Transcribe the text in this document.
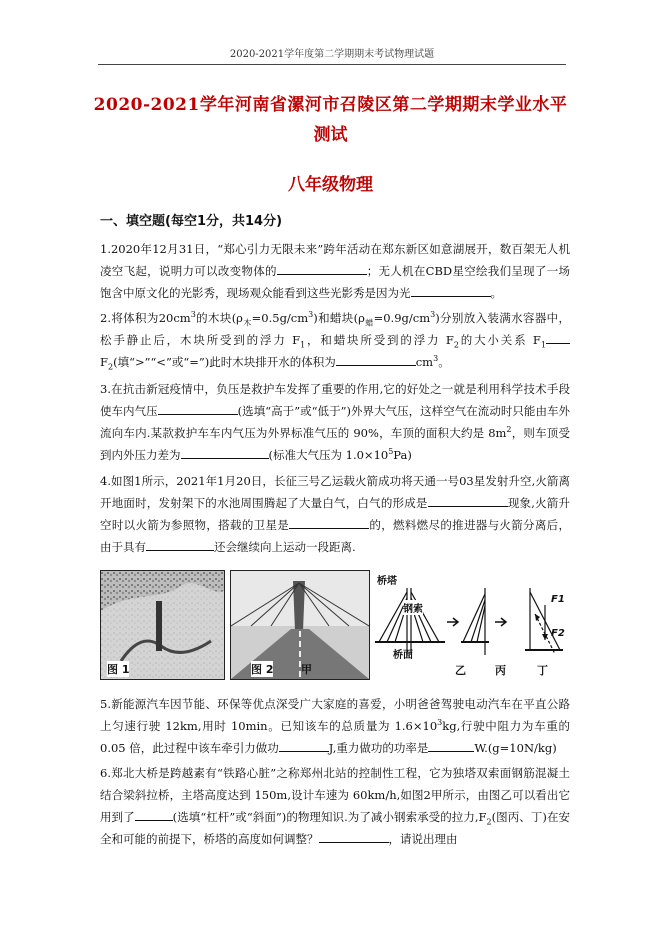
2020-2021学年度第二学期期末考试物理试题
2020-2021学年河南省漯河市召陵区第二学期期末学业水平
测试
八年级物理
一、填空题(每空1分，共14分)

1.2020年12月31日，“郑心引力无限未来”跨年活动在郑东新区如意湖展开，数百架无人机凌空飞起，说明力可以改变物体的	；无人机在CBD星空绘我们呈现了一场饱含中原文化的光影秀，现场观众能看到这些光影秀是因为光	。

2.将体积为$20cm^3$的木块$(\rho_木=0.5g/cm^3)$和蜡块$(\rho_蜡=0.9g/cm^3)$分别放入装满水容器中，松手静止后，木块所受到的浮力 $F_1$，和蜡块所受到的浮力 $F_2$的大小关系 $F_1F_2$(填“>”“<”或“=”)此时木块排开水的体积为	$cm^3$。

3.在抗击新冠疫情中，负压是救护车发挥了重要的作用,它的好处之一就是利用科学技术手段使车内气压	(选填“高于”或“低于”)外界大气压，这样空气在流动时只能由车外流向车内.某款救护车车内气压为外界标准气压的 90%，车顶的面积大约是 $8m^2$，则车顶受到内外压力差为	(标准大气压为 $1.0\times 10^5Pa$)

4.如图1所示，2021年1月20日，长征三号乙运载火箭成功将天通一号03星发射升空,火箭离开地面时，发射架下的水池周围腾起了大量白气，白气的形成是	现象,火箭升空时以火箭为参照物，搭载的卫星是	的，燃料燃尽的推进器与火箭分离后，由于具有	还会继续向上运动一段距离.

图 1	图 2	甲
桥塔
钢索
桥面
乙	丙	丁
F1
F2

5.新能源汽车因节能、环保等优点深受广大家庭的喜爱，小明爸爸驾驶电动汽车在平直公路上匀速行驶 12km,用时 10min。已知该车的总质量为 $1.6\times 10^3kg$,行驶中阻力为车重的 0.05 倍，此过程中该车牵引力做功	J,重力做功的功率是	W.(g=10N/kg)

6.郑北大桥是跨越素有“铁路心脏”之称郑州北站的控制性工程，它为独塔双索面钢筋混凝土结合梁斜拉桥，主塔高度达到 150m,设计车速为 60km/h,如图2甲所示，由图乙可以看出它用到了	(选填“杠杆”或“斜面”)的物理知识.为了减小钢索承受的拉力$,F_2$(图丙、丁)在安全和可能的前提下，桥塔的高度如何调整？	，请说出理由
